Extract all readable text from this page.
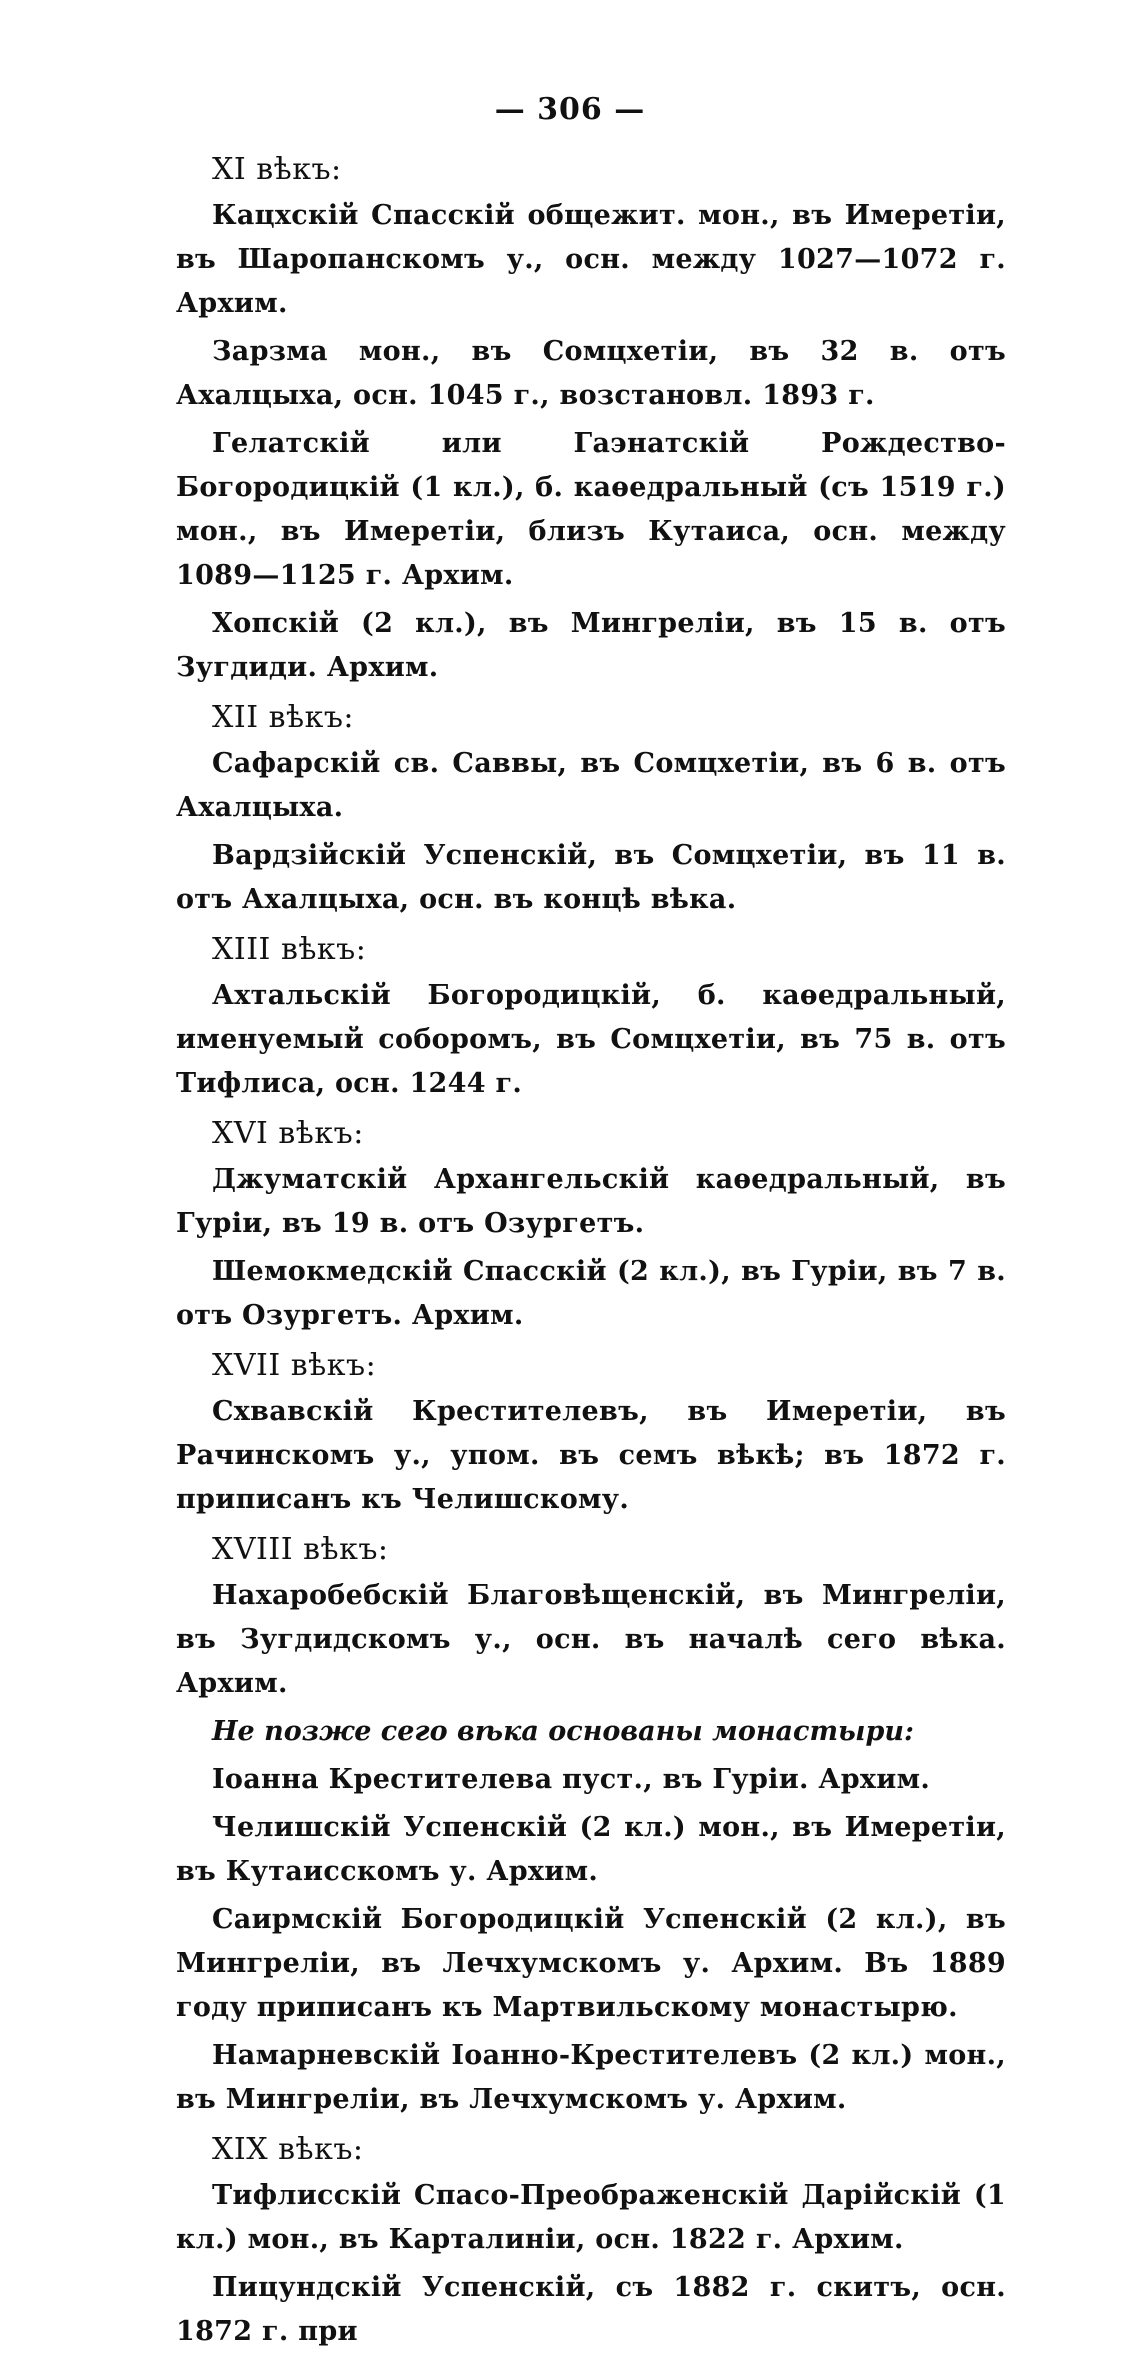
— 306 —
XI вѣкъ:

Кацхскій Спасскій общежит. мон., въ Имеретіи, въ Шаропанскомъ у., осн. между 1027—1072 г. Архим.

Зарзма мон., въ Сомцхетіи, въ 32 в. отъ Ахалцыха, осн. 1045 г., возстановл. 1893 г.

Гелатскій или Гаэнатскій Рождество-Богородицкій (1 кл.), б. каѳедральный (съ 1519 г.) мон., въ Имеретіи, близъ Кутаиса, осн. между 1089—1125 г. Архим.

Хопскій (2 кл.), въ Мингреліи, въ 15 в. отъ Зугдиди. Архим.

XII вѣкъ:

Сафарскій св. Саввы, въ Сомцхетіи, въ 6 в. отъ Ахалцыха.

Вардзійскій Успенскій, въ Сомцхетіи, въ 11 в. отъ Ахалцыха, осн. въ концѣ вѣка.

XIII вѣкъ:

Ахтальскій Богородицкій, б. каѳедральный, именуемый соборомъ, въ Сомцхетіи, въ 75 в. отъ Тифлиса, осн. 1244 г.

XVI вѣкъ:

Джуматскій Архангельскій каѳедральный, въ Гуріи, въ 19 в. отъ Озургетъ.

Шемокмедскій Спасскій (2 кл.), въ Гуріи, въ 7 в. отъ Озургетъ. Архим.

XVII вѣкъ:

Схвавскій Крестителевъ, въ Имеретіи, въ Рачинскомъ у., упом. въ семъ вѣкѣ; въ 1872 г. приписанъ къ Челишскому.

XVIII вѣкъ:

Нахаробебскій Благовѣщенскій, въ Мингреліи, въ Зугдидскомъ у., осн. въ началѣ сего вѣка. Архим.

Не позже сего вѣка основаны монастыри:

Іоанна Крестителева пуст., въ Гуріи. Архим.

Челишскій Успенскій (2 кл.) мон., въ Имеретіи, въ Кутаисскомъ у. Архим.

Саирмскій Богородицкій Успенскій (2 кл.), въ Мингреліи, въ Лечхумскомъ у. Архим. Въ 1889 году приписанъ къ Мартвильскому монастырю.

Намарневскій Іоанно-Крестителевъ (2 кл.) мон., въ Мингреліи, въ Лечхумскомъ у. Архим.

XIX вѣкъ:

Тифлисскій Спасо-Преображенскій Дарійскій (1 кл.) мон., въ Карталиніи, осн. 1822 г. Архим.

Пицундскій Успенскій, съ 1882 г. скитъ, осн. 1872 г. при
